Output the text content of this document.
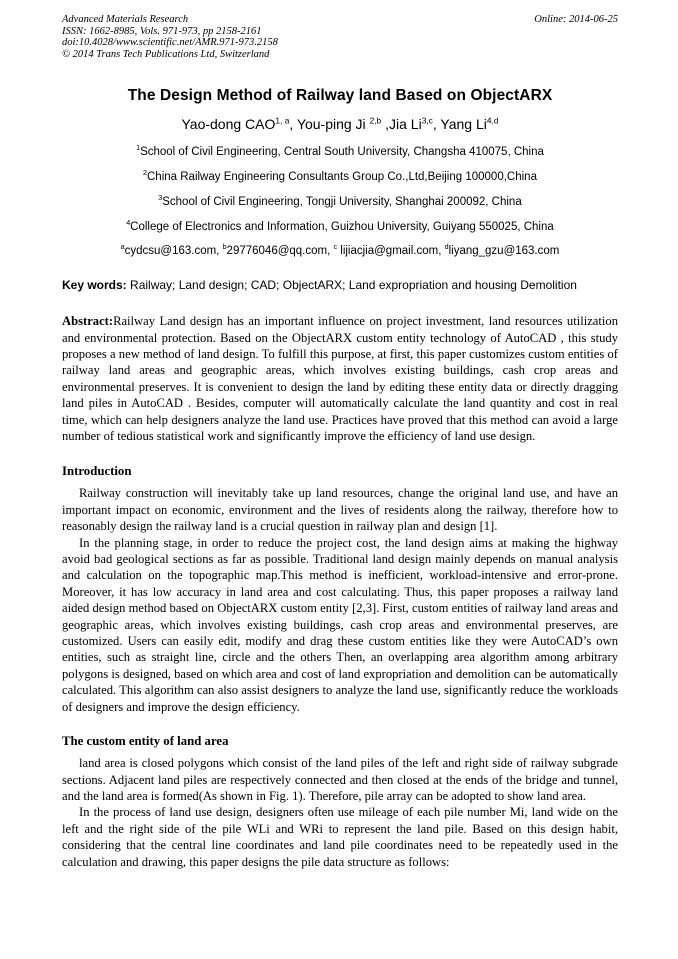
Advanced Materials Research
ISSN: 1662-8985, Vols. 971-973, pp 2158-2161
doi:10.4028/www.scientific.net/AMR.971-973.2158
© 2014 Trans Tech Publications Ltd, Switzerland
Online: 2014-06-25
The Design Method of Railway land Based on ObjectARX
Yao-dong CAO$^{1, a}$, You-ping Ji $^{2,b}$ ,Jia Li$^{3,c}$, Yang Li$^{4,d}$
$^1$School of Civil Engineering, Central South University, Changsha 410075, China
$^2$China Railway Engineering Consultants Group Co.,Ltd,Beijing 100000,China
$^3$School of Civil Engineering, Tongji University, Shanghai 200092, China
$^4$College of Electronics and Information, Guizhou University, Guiyang 550025, China
$^a$cydcsu@163.com, $^b$29776046@qq.com, $^c$ lijiacjia@gmail.com, $^d$liyang_gzu@163.com

Key words: Railway; Land design; CAD; ObjectARX; Land expropriation and housing Demolition

Abstract:Railway Land design has an important influence on project investment, land resources utilization and environmental protection. Based on the ObjectARX custom entity technology of AutoCAD , this study proposes a new method of land design. To fulfill this purpose, at first, this paper customizes custom entities of railway land areas and geographic areas, which involves existing buildings, cash crop areas and environmental preserves. It is convenient to design the land by editing these entity data or directly dragging land piles in AutoCAD . Besides, computer will automatically calculate the land quantity and cost in real time, which can help designers analyze the land use. Practices have proved that this method can avoid a large number of tedious statistical work and significantly improve the efficiency of land use design.

Introduction

Railway construction will inevitably take up land resources, change the original land use, and have an important impact on economic, environment and the lives of residents along the railway, therefore how to reasonably design the railway land is a crucial question in railway plan and design [1].

In the planning stage, in order to reduce the project cost, the land design aims at making the highway avoid bad geological sections as far as possible. Traditional land design mainly depends on manual analysis and calculation on the topographic map.This method is inefficient, workload-intensive and error-prone. Moreover, it has low accuracy in land area and cost calculating. Thus, this paper proposes a railway land aided design method based on ObjectARX custom entity [2,3]. First, custom entities of railway land areas and geographic areas, which involves existing buildings, cash crop areas and environmental preserves, are customized. Users can easily edit, modify and drag these custom entities like they were AutoCAD’s own entities, such as straight line, circle and the others Then, an overlapping area algorithm among arbitrary polygons is designed, based on which area and cost of land expropriation and demolition can be automatically calculated. This algorithm can also assist designers to analyze the land use, significantly reduce the workloads of designers and improve the design efficiency.

The custom entity of land area

land area is closed polygons which consist of the land piles of the left and right side of railway subgrade sections. Adjacent land piles are respectively connected and then closed at the ends of the bridge and tunnel, and the land area is formed(As shown in Fig. 1). Therefore, pile array can be adopted to show land area.

In the process of land use design, designers often use mileage of each pile number Mi, land wide on the left and the right side of the pile WLi and WRi to represent the land pile. Based on this design habit, considering that the central line coordinates and land pile coordinates need to be repeatedly used in the calculation and drawing, this paper designs the pile data structure as follows:
